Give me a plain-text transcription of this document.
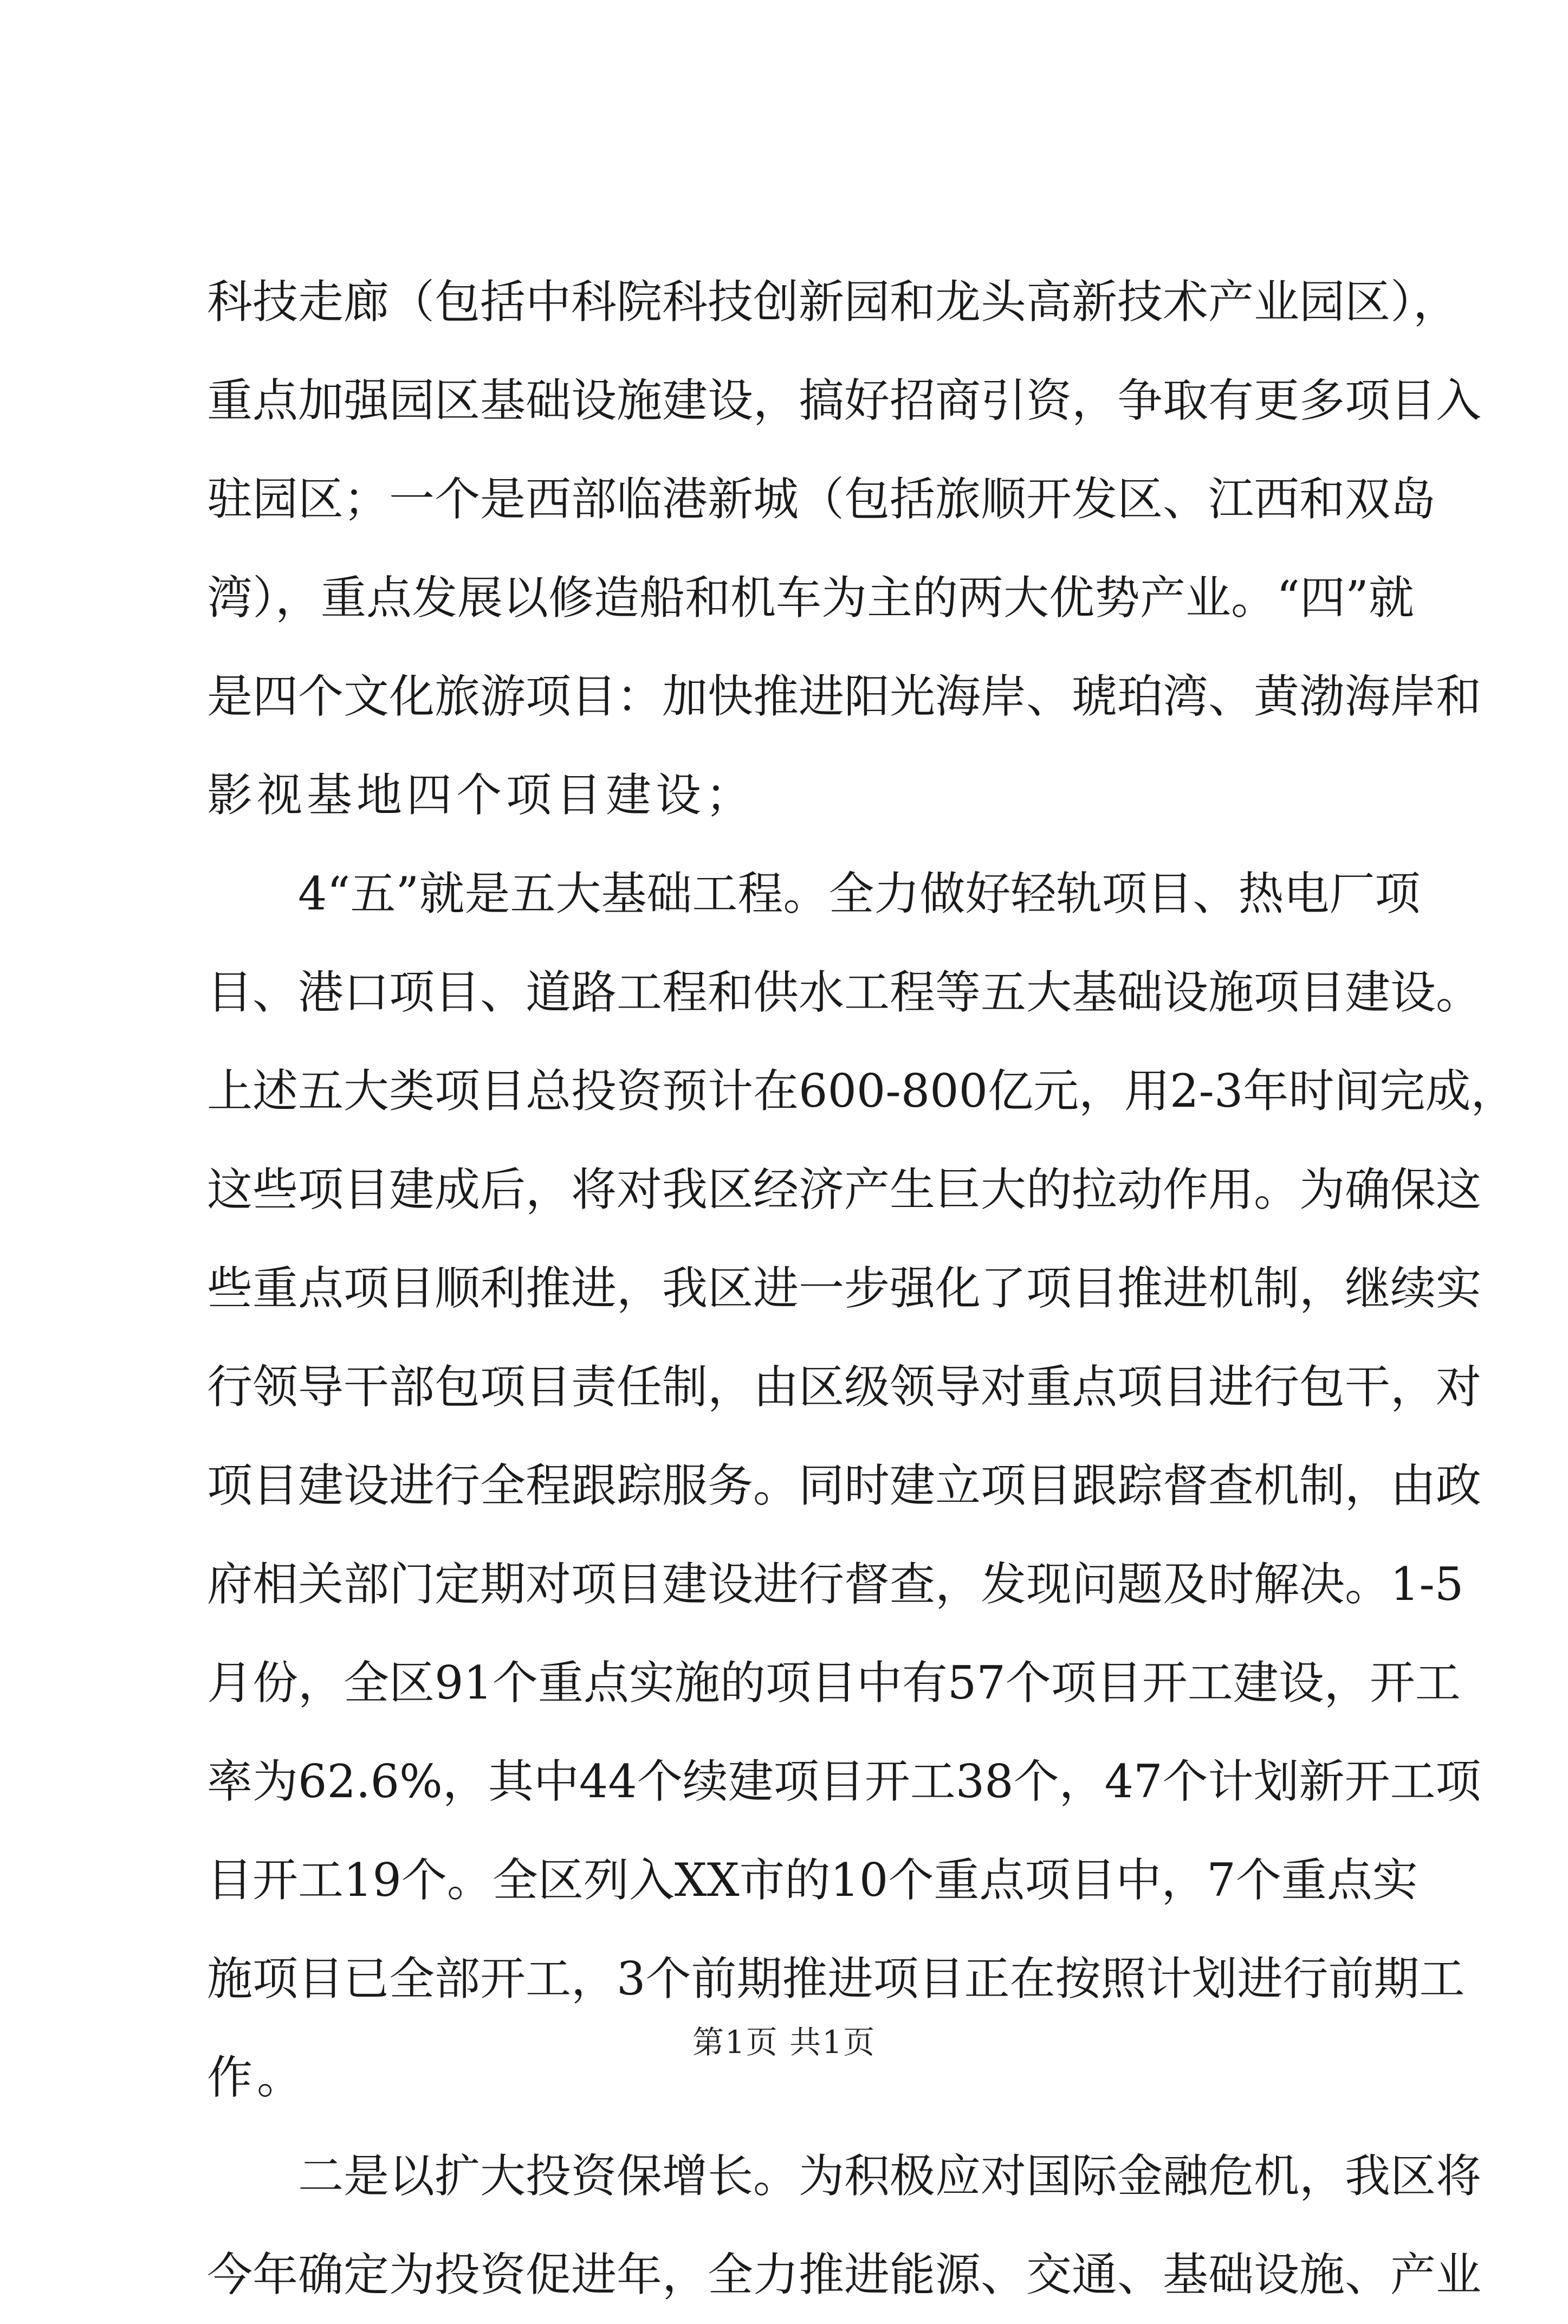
科技走廊（包括中科院科技创新园和龙头高新技术产业园区），
重点加强园区基础设施建设，搞好招商引资，争取有更多项目入
驻园区；一个是西部临港新城（包括旅顺开发区、江西和双岛
湾），重点发展以修造船和机车为主的两大优势产业。“四”就
是四个文化旅游项目：加快推进阳光海岸、琥珀湾、黄渤海岸和
影视基地四个项目建设；
4“五”就是五大基础工程。全力做好轻轨项目、热电厂项
目、港口项目、道路工程和供水工程等五大基础设施项目建设。
上述五大类项目总投资预计在600-800亿元，用2-3年时间完成，
这些项目建成后，将对我区经济产生巨大的拉动作用。为确保这
些重点项目顺利推进，我区进一步强化了项目推进机制，继续实
行领导干部包项目责任制，由区级领导对重点项目进行包干，对
项目建设进行全程跟踪服务。同时建立项目跟踪督查机制，由政
府相关部门定期对项目建设进行督查，发现问题及时解决。1-5
月份，全区91个重点实施的项目中有57个项目开工建设，开工
率为62.6%，其中44个续建项目开工38个，47个计划新开工项
目开工19个。全区列入XX市的10个重点项目中，7个重点实
施项目已全部开工，3个前期推进项目正在按照计划进行前期工
作。
二是以扩大投资保增长。为积极应对国际金融危机，我区将
今年确定为投资促进年，全力推进能源、交通、基础设施、产业
第1页 共1页
